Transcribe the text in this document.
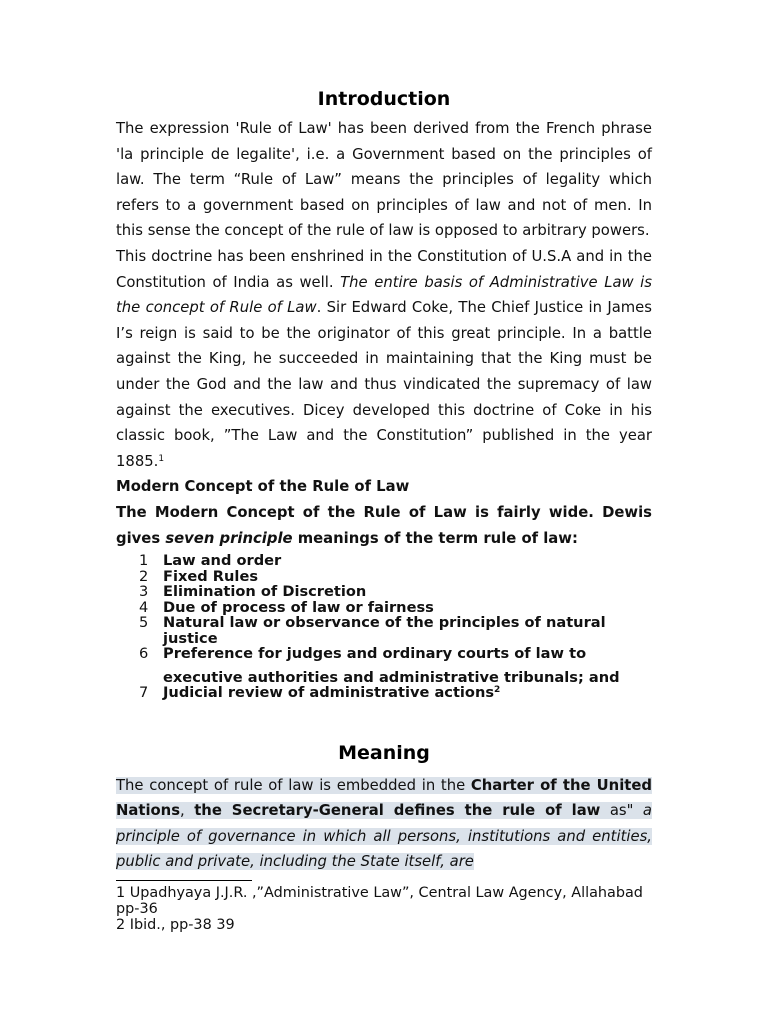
Introduction

The expression 'Rule of Law' has been derived from the French phrase 'la principle de legalite', i.e. a Government based on the principles of law. The term “Rule of Law” means the principles of legality which refers to a government based on principles of law and not of men. In this sense the concept of the rule of law is opposed to arbitrary powers.

This doctrine has been enshrined in the Constitution of U.S.A and in the Constitution of India as well. The entire basis of Administrative Law is the concept of Rule of Law. Sir Edward Coke, The Chief Justice in James I’s reign is said to be the originator of this great principle. In a battle against the King, he succeeded in maintaining that the King must be under the God and the law and thus vindicated the supremacy of law against the executives. Dicey developed this doctrine of Coke in his classic book, ”The Law and the Constitution” published in the year 1885.$^1$

Modern Concept of the Rule of Law

The Modern Concept of the Rule of Law is fairly wide. Dewis gives seven principle meanings of the term rule of law:

1 Law and order
2 Fixed Rules
3 Elimination of Discretion
4 Due of process of law or fairness
5 Natural law or observance of the principles of natural justice
6 Preference for judges and ordinary courts of law to
executive authorities and administrative tribunals; and
7 Judicial review of administrative actions$^2$
Meaning

The concept of rule of law is embedded in the Charter of the United Nations, the Secretary-General defines the rule of law as" a principle of governance in which all persons, institutions and entities, public and private, including the State itself, are

1 Upadhyaya J.J.R. ,”Administrative Law”, Central Law Agency, Allahabad pp-36

2 Ibid., pp-38 39
